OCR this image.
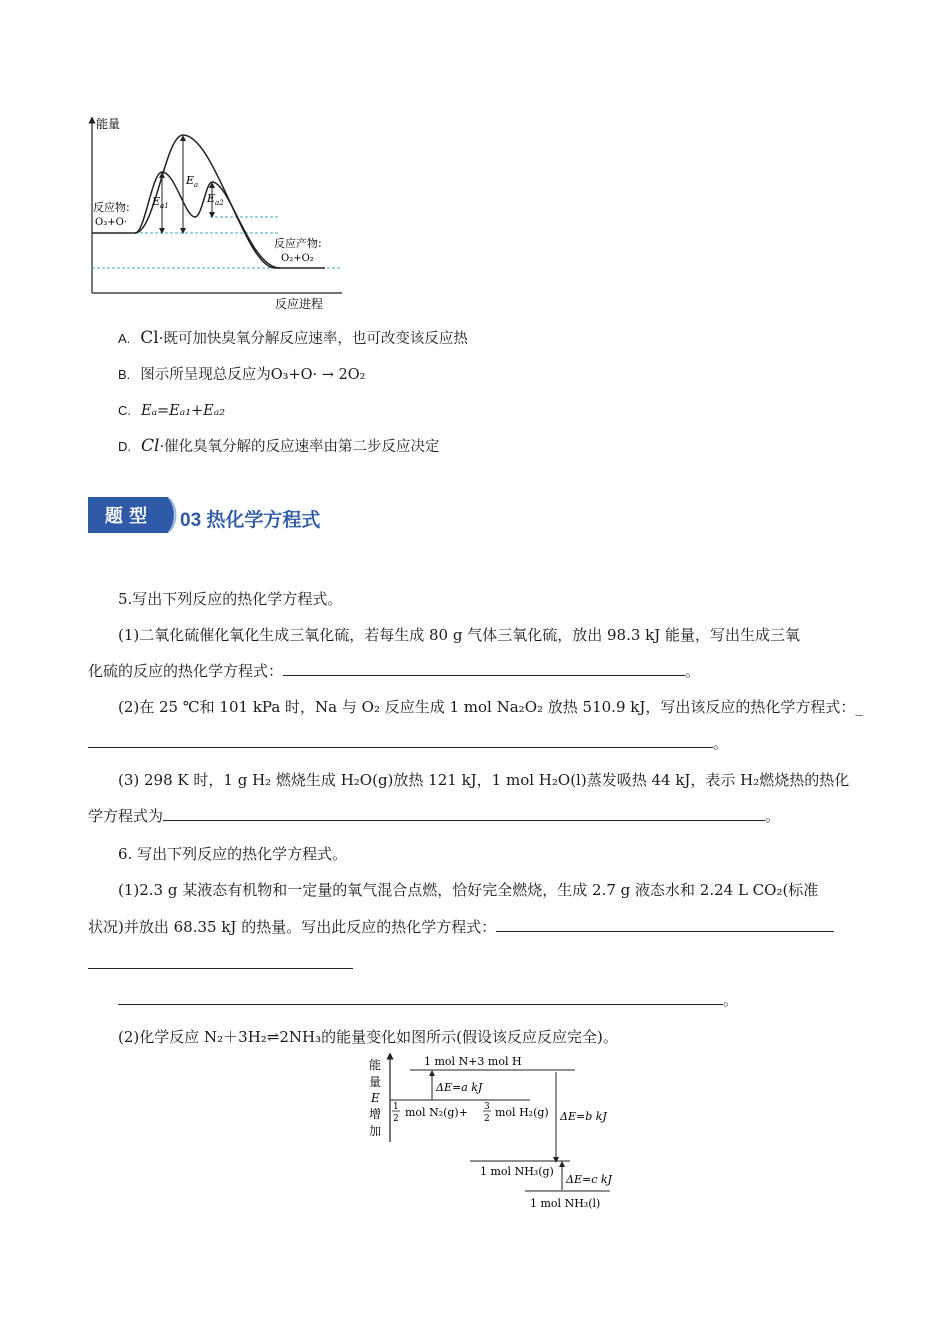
能量
反应进程
反应物:
O₃+O·
反应产物:
O₂+O₂
$E_a$
$E_{a1}$
$E_{a2}$
A. Cl·既可加快臭氧分解反应速率，也可改变该反应热
B. 图示所呈现总反应为O₃+O· → 2O₂
C. Eₐ=Eₐ₁+Eₐ₂
D. Cl·催化臭氧分解的反应速率由第二步反应决定
题 型 03 热化学方程式
5.写出下列反应的热化学方程式。
(1)二氧化硫催化氧化生成三氧化硫，若每生成 80 g 气体三氧化硫，放出 98.3 kJ 能量，写出生成三氧
化硫的反应的热化学方程式：	。
(2)在 25 ℃和 101 kPa 时，Na 与 O₂ 反应生成 1 mol Na₂O₂ 放热 510.9 kJ，写出该反应的热化学方程式：_
。
(3) 298 K 时，1 g H₂ 燃烧生成 H₂O(g)放热 121 kJ，1 mol H₂O(l)蒸发吸热 44 kJ，表示 H₂燃烧热的热化
学方程式为	。
6. 写出下列反应的热化学方程式。
(1)2.3 g 某液态有机物和一定量的氧气混合点燃，恰好完全燃烧，生成 2.7 g 液态水和 2.24 L CO₂(标准
状况)并放出 68.35 kJ 的热量。写出此反应的热化学方程式：
。
(2)化学反应 N₂＋3H₂⇌2NH₃的能量变化如图所示(假设该反应反应完全)。
能
量
E
增
加
1 mol N+3 mol H
ΔE=a kJ
1
2 mol N₂(g)+ 3
2 mol H₂(g) ΔE=b kJ
1 mol NH₃(g)
ΔE=c kJ
1 mol NH₃(l)
